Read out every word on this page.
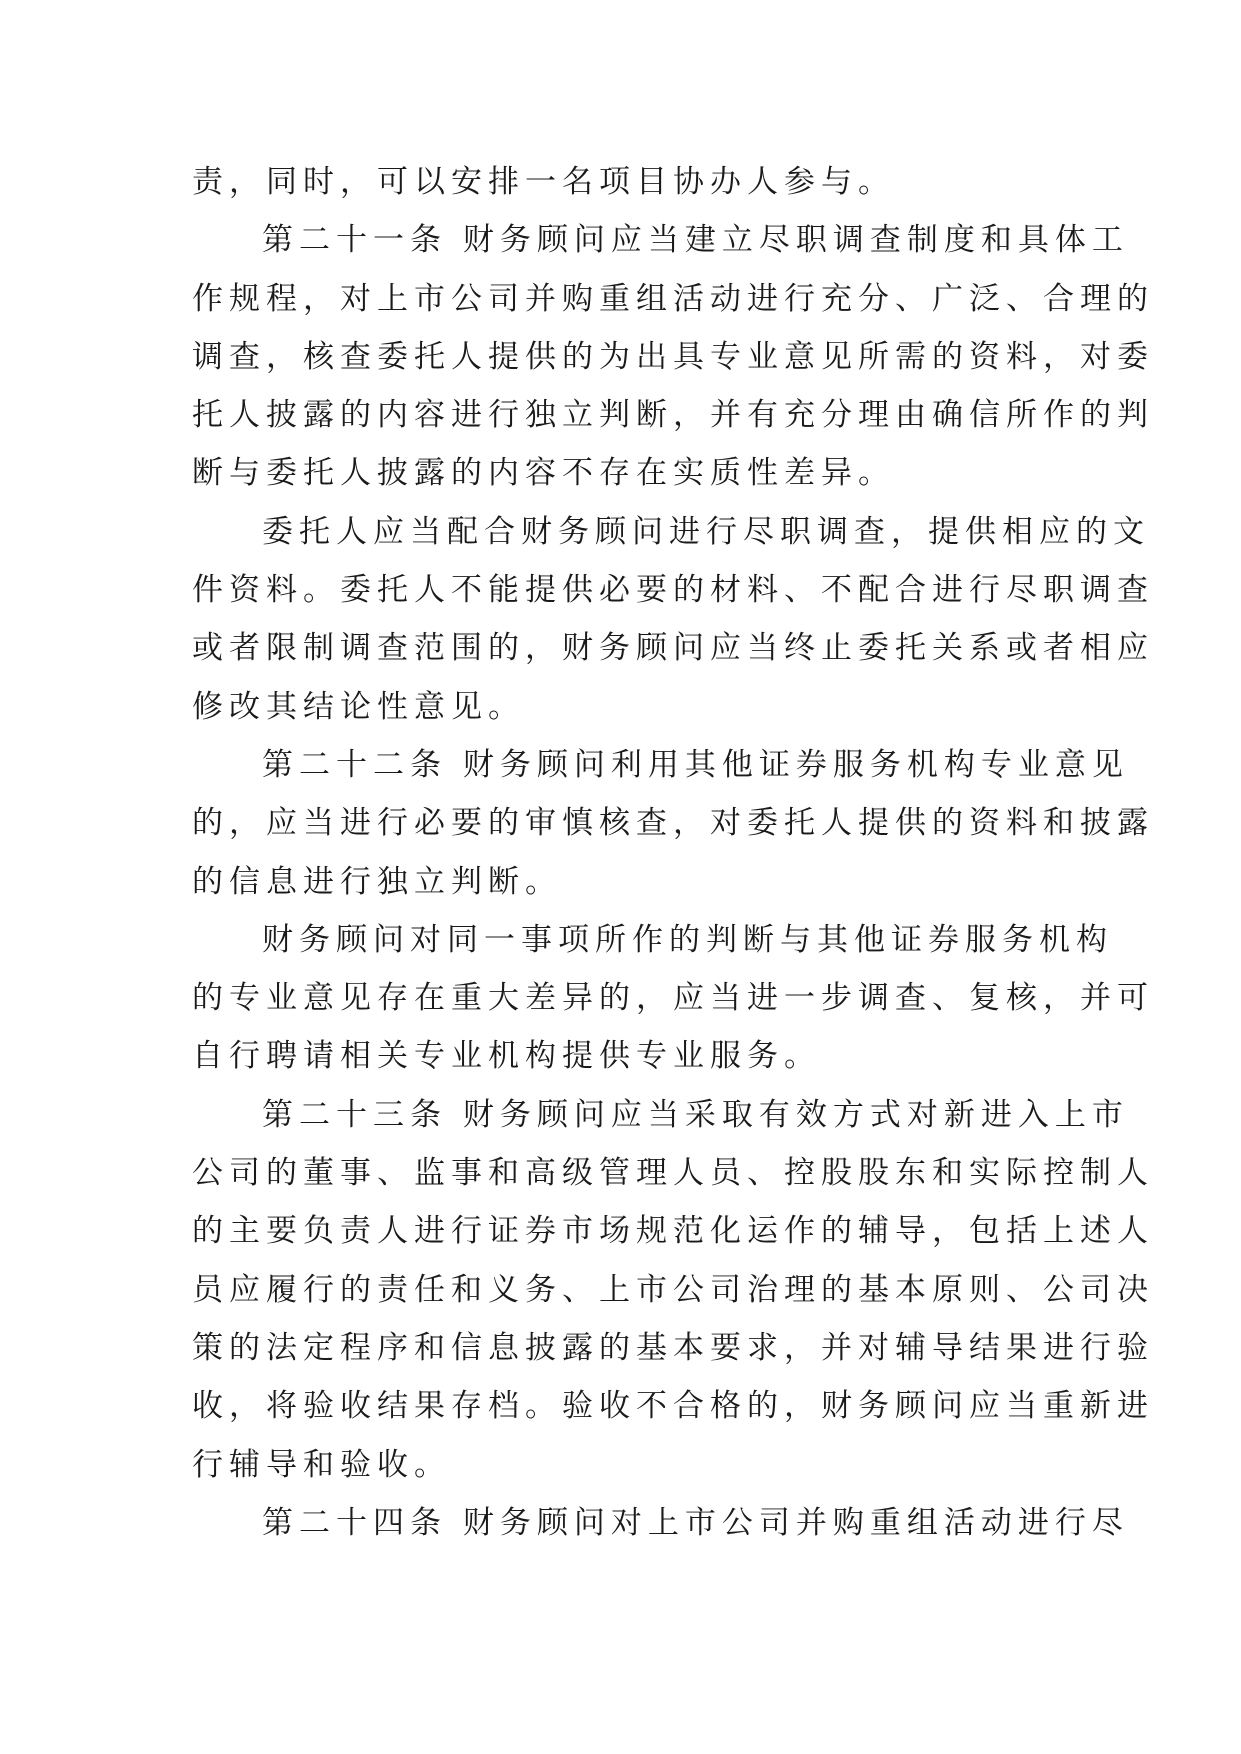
责，同时，可以安排一名项目协办人参与。
第二十一条 财务顾问应当建立尽职调查制度和具体工
作规程，对上市公司并购重组活动进行充分、广泛、合理的
调查，核查委托人提供的为出具专业意见所需的资料，对委
托人披露的内容进行独立判断，并有充分理由确信所作的判
断与委托人披露的内容不存在实质性差异。
委托人应当配合财务顾问进行尽职调查，提供相应的文
件资料。委托人不能提供必要的材料、不配合进行尽职调查
或者限制调查范围的，财务顾问应当终止委托关系或者相应
修改其结论性意见。
第二十二条 财务顾问利用其他证券服务机构专业意见
的，应当进行必要的审慎核查，对委托人提供的资料和披露
的信息进行独立判断。
财务顾问对同一事项所作的判断与其他证券服务机构
的专业意见存在重大差异的，应当进一步调查、复核，并可
自行聘请相关专业机构提供专业服务。
第二十三条 财务顾问应当采取有效方式对新进入上市
公司的董事、监事和高级管理人员、控股股东和实际控制人
的主要负责人进行证券市场规范化运作的辅导，包括上述人
员应履行的责任和义务、上市公司治理的基本原则、公司决
策的法定程序和信息披露的基本要求，并对辅导结果进行验
收，将验收结果存档。验收不合格的，财务顾问应当重新进
行辅导和验收。
第二十四条 财务顾问对上市公司并购重组活动进行尽
